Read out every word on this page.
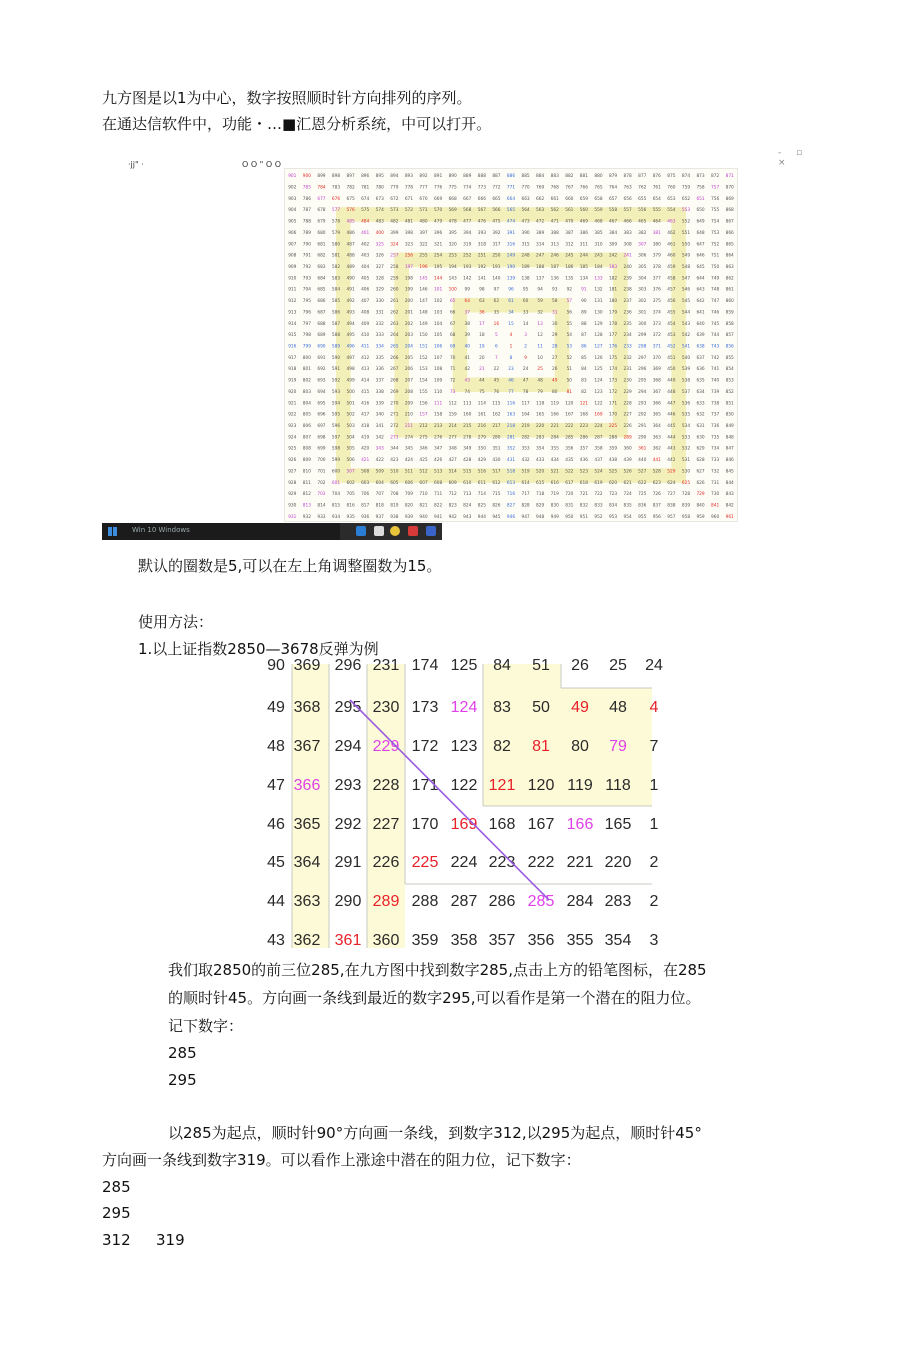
九方图是以1为中心，数字按照顺时针方向排列的序列。
在通达信软件中，功能・…■汇恩分析系统，中可以打开。
·jj" ·	O O " O O
- ▫ ×
901 900 899 898 897 896 895 894 893 892 891 890 889 888 887 886 885 884 883 882 881 880 879 878 877 876 875 874 873 872 871
902 785 784 783 782 781 780 779 778 777 776 775 774 773 772 771 770 769 768 767 766 765 764 763 762 761 760 759 758 757 870
903 786 677 676 675 674 673 672 671 670 669 668 667 666 665 664 663 662 661 660 659 658 657 656 655 654 653 652 651 756 869
904 787 678 577 576 575 574 573 572 571 570 569 568 567 566 565 564 563 562 561 560 559 558 557 556 555 554 553 650 755 868
905 788 679 578 485 484 483 482 481 480 479 478 477 476 475 474 473 472 471 470 469 468 467 466 465 464 463 552 649 754 867
906 789 680 579 486 401 400 399 398 397 396 395 394 393 392 391 390 389 388 387 386 385 384 383 382 381 462 551 648 753 866
907 790 681 580 487 402 325 324 323 322 321 320 319 318 317 316 315 314 313 312 311 310 309 308 307 380 461 550 647 752 865
908 791 682 581 488 403 326 257 256 255 254 253 252 251 250 249 248 247 246 245 244 243 242 241 306 379 460 549 646 751 864
909 792 683 582 489 404 327 258 197 196 195 194 193 192 191 190 189 188 187 186 185 184 183 240 305 378 459 548 645 750 863
910 793 684 583 490 405 328 259 198 145 144 143 142 141 140 139 138 137 136 135 134 133 182 239 304 377 458 547 644 749 862
911 794 685 584 491 406 329 260 199 146 101 100 99 98 97 96 95 94 93 92 91 132 181 238 303 376 457 546 643 748 861
912 795 686 585 492 407 330 261 200 147 102 65 64 63 62 61 60 59 58 57 90 131 180 237 302 375 456 545 642 747 860
913 796 687 586 493 408 331 262 201 148 103 66 37 36 35 34 33 32 31 56 89 130 179 236 301 374 455 544 641 746 859
914 797 688 587 494 409 332 263 202 149 104 67 38 17 16 15 14 13 30 55 88 129 178 235 300 373 454 543 640 745 858
915 798 689 588 495 410 333 264 203 150 105 68 39 18 5	4	3 12 29 54 87 128 177 234 299 372 453 542 639 744 857
916 799 690 589 496 411 334 265 204 151 106 69 40 19 6	1	2 11 28 53 86 127 176 233 298 371 452 541 638 743 856
917 800 691 590 497 412 335 266 205 152 107 70 41 20 7	8	9 10 27 52 85 126 175 232 297 370 451 540 637 742 855
918 801 692 591 498 413 336 267 206 153 108 71 42 21 22 23 24 25 26 51 84 125 174 231 296 369 450 539 636 741 854
919 802 693 592 499 414 337 268 207 154 109 72 43 44 45 46 47 48 49 50 83 124 173 230 295 368 449 538 635 740 853
920 803 694 593 500 415 338 269 208 155 110 73 74 75 76 77 78 79 80 81 82 123 172 229 294 367 448 537 634 739 852
921 804 695 594 501 416 339 270 209 156 111 112 113 114 115 116 117 118 119 120 121 122 171 228 293 366 447 536 633 738 851
922 805 696 595 502 417 340 271 210 157 158 159 160 161 162 163 164 165 166 167 168 169 170 227 292 365 446 535 632 737 850
923 806 697 596 503 418 341 272 211 212 213 214 215 216 217 218 219 220 221 222 223 224 225 226 291 364 445 534 631 736 849
924 807 698 597 504 419 342 273 274 275 276 277 278 279 280 281 282 283 284 285 286 287 288 289 290 363 444 533 630 735 848
925 808 699 598 505 420 343 344 345 346 347 348 349 350 351 352 353 354 355 356 357 358 359 360 361 362 443 532 629 734 847
926 809 700 599 506 421 422 423 424 425 426 427 428 429 430 431 432 433 434 435 436 437 438 439 440 441 442 531 628 733 846
927 810 701 600 507 508 509 510 511 512 513 514 515 516 517 518 519 520 521 522 523 524 525 526 527 528 529 530 627 732 845
928 811 702 601 602 603 604 605 606 607 608 609 610 611 612 613 614 615 616 617 618 619 620 621 622 623 624 625 626 731 844
929 812 703 704 705 706 707 708 709 710 711 712 713 714 715 716 717 718 719 720 721 722 723 724 725 726 727 728 729 730 843
930 813 814 815 816 817 818 819 820 821 822 823 824 825 826 827 828 829 830 831 832 833 834 835 836 837 838 839 840 841 842
931 932 933 934 935 936 937 938 939 940 941 942 943 944 945 946 947 948 949 950 951 952 953 954 955 956 957 958 959 960 961
Win 10 Windows
默认的圈数是5,可以在左上角调整圈数为15。
使用方法：
1.以上证指数2850—3678反弹为例
90 369 296 231 174 125 84 51 26 25 24
49 368 295 230 173 124 83 50 49 48 4
48 367 294 229 172 123 82 81 80 79 7
47 366 293 228 171 122 121 120 119 118 1
46 365 292 227 170 169 168 167 166 165 1
45 364 291 226 225 224 223 222 221 220 2
44 363 290 289 288 287 286 285 284 283 2
43 362 361 360 359 358 357 356 355 354 3
我们取2850的前三位285,在九方图中找到数字285,点击上方的铅笔图标，在285
的顺时针45。方向画一条线到最近的数字295,可以看作是第一个潜在的阻力位。
记下数字：
285
295
以285为起点，顺时针90°方向画一条线，到数字312,以295为起点，顺时针45°
方向画一条线到数字319。可以看作上涨途中潜在的阻力位，记下数字：
285
295
312 319
